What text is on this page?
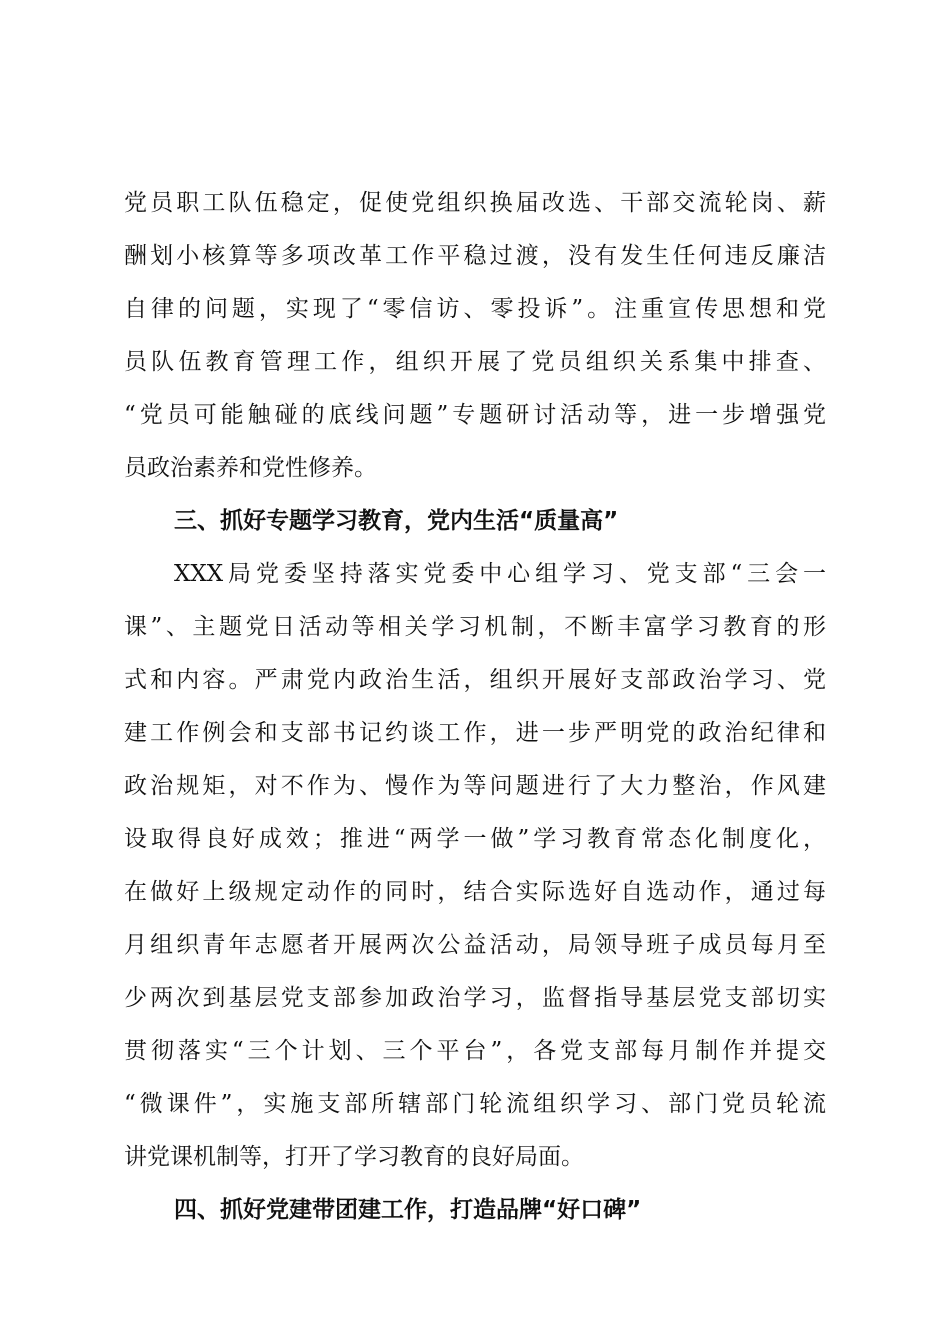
党员职工队伍稳定，促使党组织换届改选、干部交流轮岗、薪
酬划小核算等多项改革工作平稳过渡，没有发生任何违反廉洁
自律的问题，实现了“零信访、零投诉”。注重宣传思想和党
员队伍教育管理工作，组织开展了党员组织关系集中排查、
“党员可能触碰的底线问题”专题研讨活动等，进一步增强党
员政治素养和党性修养。
三、抓好专题学习教育，党内生活“质量高”
XXX局党委坚持落实党委中心组学习、党支部“三会一
课”、主题党日活动等相关学习机制，不断丰富学习教育的形
式和内容。严肃党内政治生活，组织开展好支部政治学习、党
建工作例会和支部书记约谈工作，进一步严明党的政治纪律和
政治规矩，对不作为、慢作为等问题进行了大力整治，作风建
设取得良好成效；推进“两学一做”学习教育常态化制度化，
在做好上级规定动作的同时，结合实际选好自选动作，通过每
月组织青年志愿者开展两次公益活动，局领导班子成员每月至
少两次到基层党支部参加政治学习，监督指导基层党支部切实
贯彻落实“三个计划、三个平台”，各党支部每月制作并提交
“微课件”，实施支部所辖部门轮流组织学习、部门党员轮流
讲党课机制等，打开了学习教育的良好局面。
四、抓好党建带团建工作，打造品牌“好口碑”
